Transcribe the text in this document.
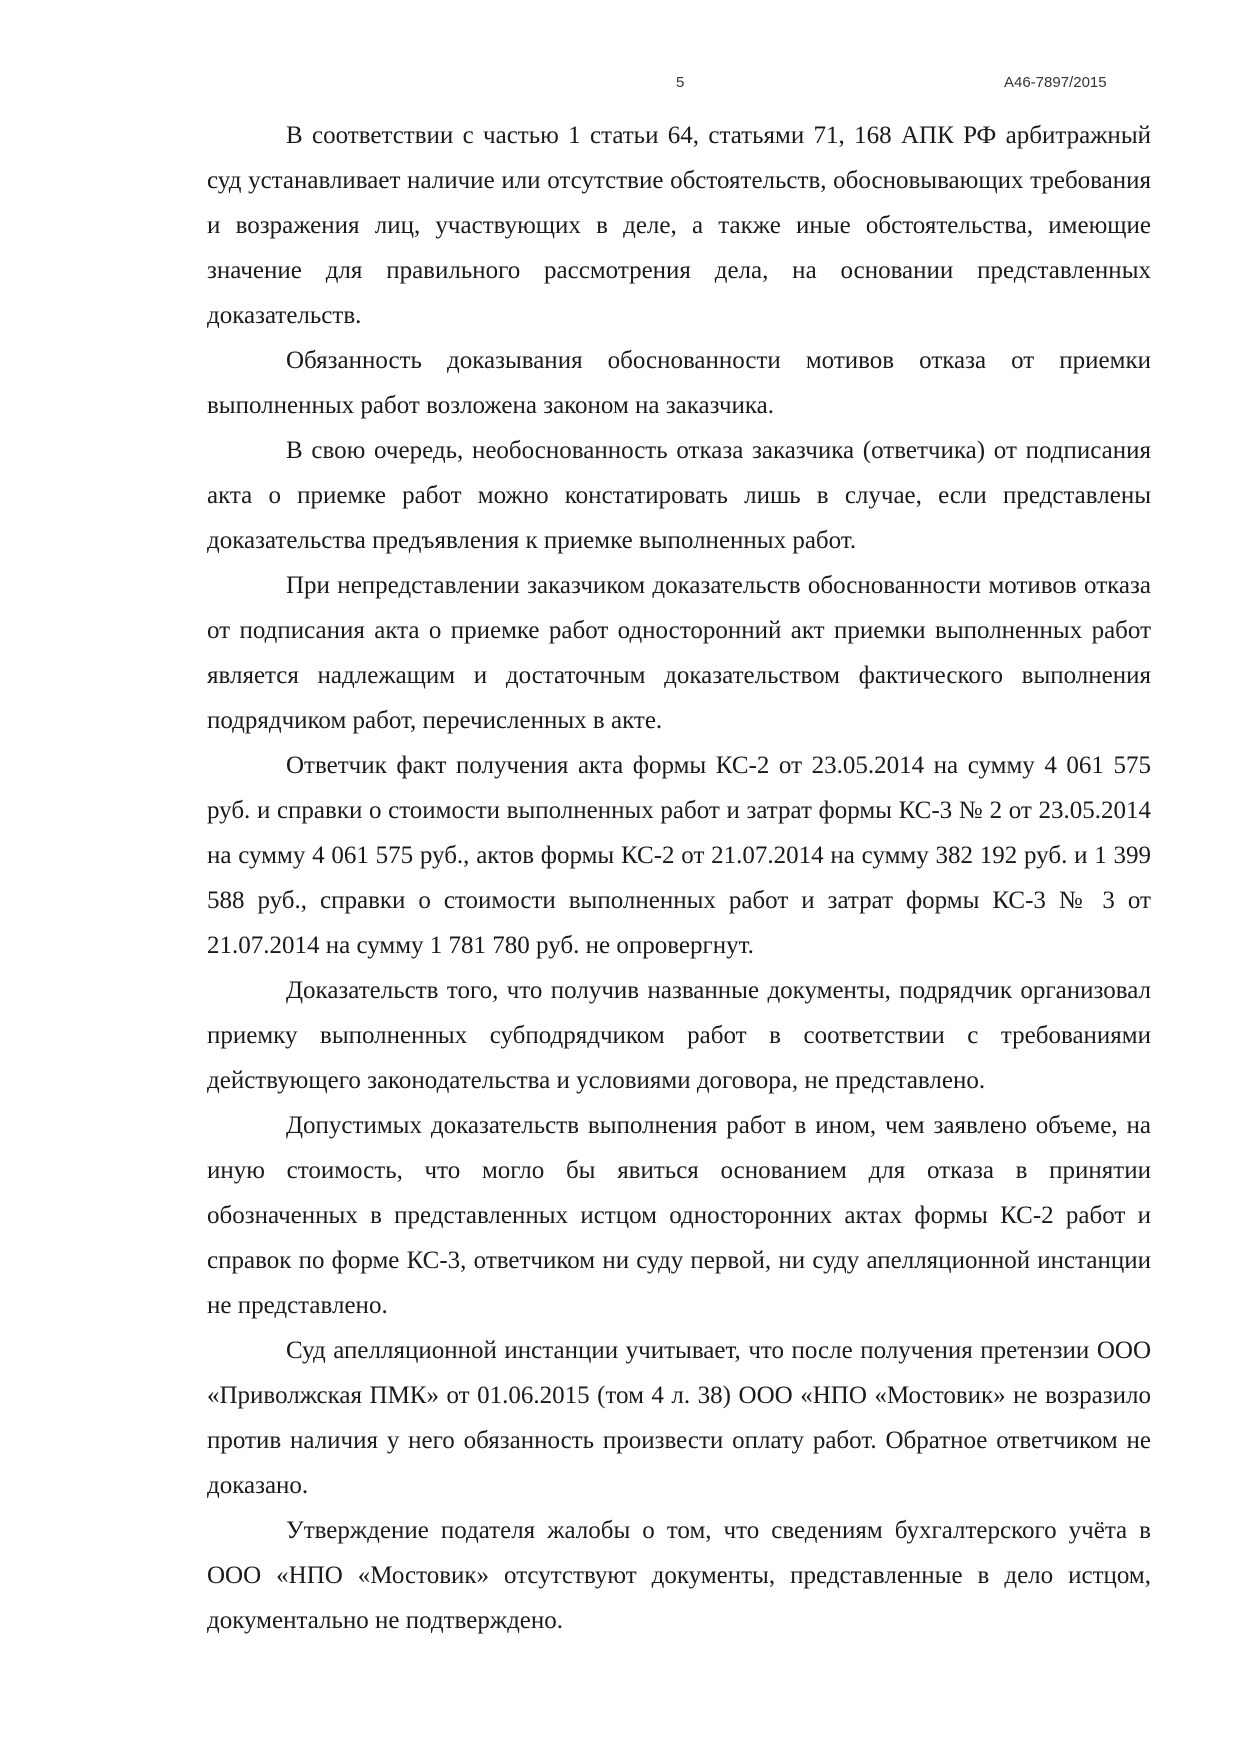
5	А46-7897/2015

В соответствии с частью 1 статьи 64, статьями 71, 168 АПК РФ арбитражный суд устанавливает наличие или отсутствие обстоятельств, обосновывающих требования и возражения лиц, участвующих в деле, а также иные обстоятельства, имеющие значение для правильного рассмотрения дела, на основании представленных доказательств.

Обязанность доказывания обоснованности мотивов отказа от приемки выполненных работ возложена законом на заказчика.

В свою очередь, необоснованность отказа заказчика (ответчика) от подписания акта о приемке работ можно констатировать лишь в случае, если представлены доказательства предъявления к приемке выполненных работ.

При непредставлении заказчиком доказательств обоснованности мотивов отказа от подписания акта о приемке работ односторонний акт приемки выполненных работ является надлежащим и достаточным доказательством фактического выполнения подрядчиком работ, перечисленных в акте.

Ответчик факт получения акта формы КС-2 от 23.05.2014 на сумму 4 061 575 руб. и справки о стоимости выполненных работ и затрат формы КС-3 № 2 от 23.05.2014 на сумму 4 061 575 руб., актов формы КС-2 от 21.07.2014 на сумму 382 192 руб. и 1 399 588 руб., справки о стоимости выполненных работ и затрат формы КС-3 № 3 от 21.07.2014 на сумму 1 781 780 руб. не опровергнут.

Доказательств того, что получив названные документы, подрядчик организовал приемку выполненных субподрядчиком работ в соответствии с требованиями действующего законодательства и условиями договора, не представлено.

Допустимых доказательств выполнения работ в ином, чем заявлено объеме, на иную стоимость, что могло бы явиться основанием для отказа в принятии обозначенных в представленных истцом односторонних актах формы КС-2 работ и справок по форме КС-3, ответчиком ни суду первой, ни суду апелляционной инстанции не представлено.

Суд апелляционной инстанции учитывает, что после получения претензии ООО «Приволжская ПМК» от 01.06.2015 (том 4 л. 38) ООО «НПО «Мостовик» не возразило против наличия у него обязанность произвести оплату работ. Обратное ответчиком не доказано.

Утверждение подателя жалобы о том, что сведениям бухгалтерского учёта в ООО «НПО «Мостовик» отсутствуют документы, представленные в дело истцом, документально не подтверждено.
